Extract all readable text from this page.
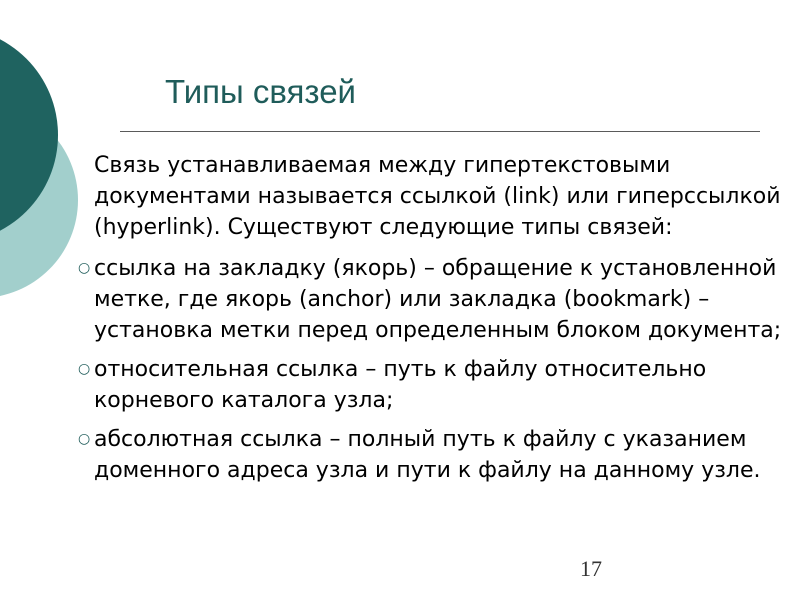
Типы связей
Связь устанавливаемая между гипертекстовыми документами называется ссылкой (link) или гиперссылкой (hyperlink). Существуют следующие типы связей:
○ ссылка на закладку (якорь) – обращение к установленной метке, где якорь (anchor) или закладка (bookmark) – установка метки перед определенным блоком документа;
○ относительная ссылка – путь к файлу относительно корневого каталога узла;
○ абсолютная ссылка – полный путь к файлу с указанием доменного адреса узла и пути к файлу на данному узле.
17
